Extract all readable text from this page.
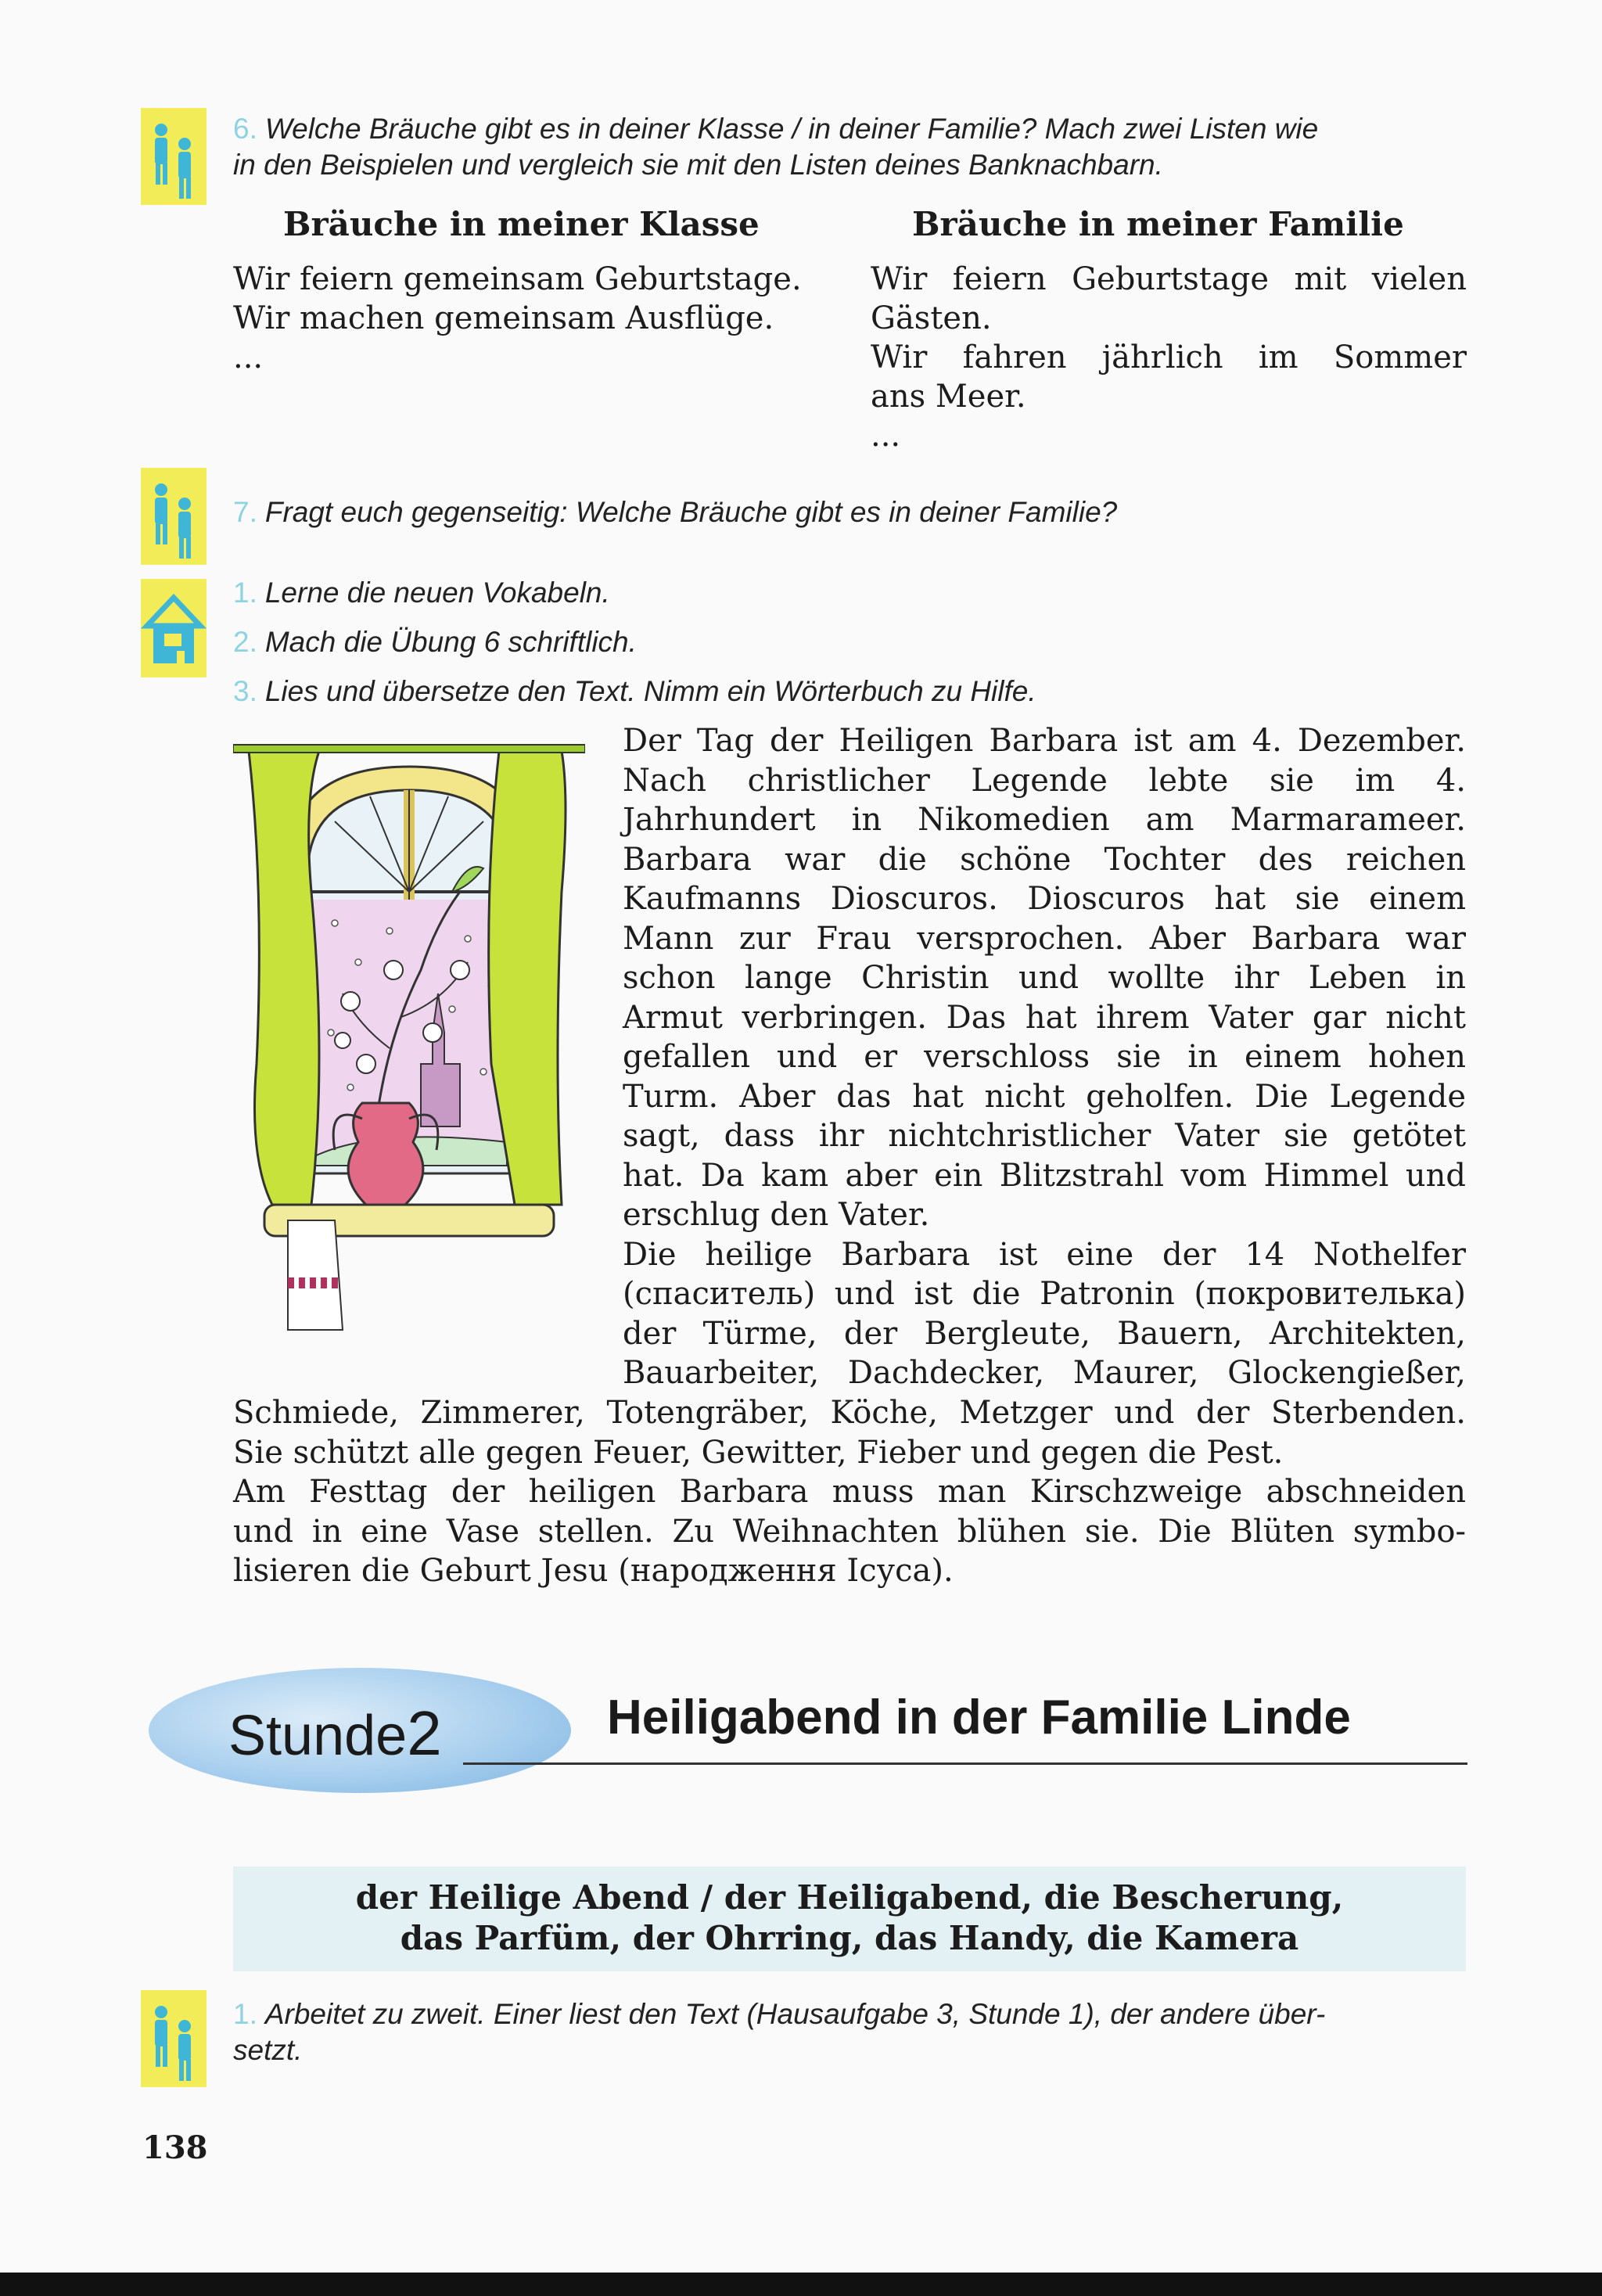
6. Welche Bräuche gibt es in deiner Klasse / in deiner Familie? Mach zwei Listen wie
in den Beispielen und vergleich sie mit den Listen deines Banknachbarn.
Bräuche in meiner Klasse	Bräuche in meiner Familie
Wir feiern gemeinsam Geburtstage.
Wir machen gemeinsam Ausflüge.
...
Wir feiern Geburtstage mit vielen
Gästen.
Wir fahren jährlich im Sommer
ans Meer.
...
7. Fragt euch gegenseitig: Welche Bräuche gibt es in deiner Familie?
1. Lerne die neuen Vokabeln.
2. Mach die Übung 6 schriftlich.
3. Lies und übersetze den Text. Nimm ein Wörterbuch zu Hilfe.

Der Tag der Heiligen Barbara ist am 4. Dezember.

Nach christlicher Legende lebte sie im 4.

Jahrhundert in Nikomedien am Marmarameer.

Barbara war die schöne Tochter des reichen

Kaufmanns Dioscuros. Dioscuros hat sie einem

Mann zur Frau versprochen. Aber Barbara war

schon lange Christin und wollte ihr Leben in

Armut verbringen. Das hat ihrem Vater gar nicht

gefallen und er verschloss sie in einem hohen

Turm. Aber das hat nicht geholfen. Die Legende

sagt, dass ihr nichtchristlicher Vater sie getötet

hat. Da kam aber ein Blitzstrahl vom Himmel und

erschlug den Vater.

Die heilige Barbara ist eine der 14 Nothelfer

(спаситель) und ist die Patronin (покровителька)

der Türme, der Bergleute, Bauern, Architekten,

Bauarbeiter, Dachdecker, Maurer, Glockengießer,

Schmiede, Zimmerer, Totengräber, Köche, Metzger und der Sterbenden.

Sie schützt alle gegen Feuer, Gewitter, Fieber und gegen die Pest.

Am Festtag der heiligen Barbara muss man Kirschzweige abschneiden

und in eine Vase stellen. Zu Weihnachten blühen sie. Die Blüten symbo-

lisieren die Geburt Jesu (народження Ісуса).

Stunde2	Heiligabend in der Familie Linde
der Heilige Abend / der Heiligabend, die Bescherung,
das Parfüm, der Ohrring, das Handy, die Kamera
1. Arbeitet zu zweit. Einer liest den Text (Hausaufgabe 3, Stunde 1), der andere über-
setzt.
138
